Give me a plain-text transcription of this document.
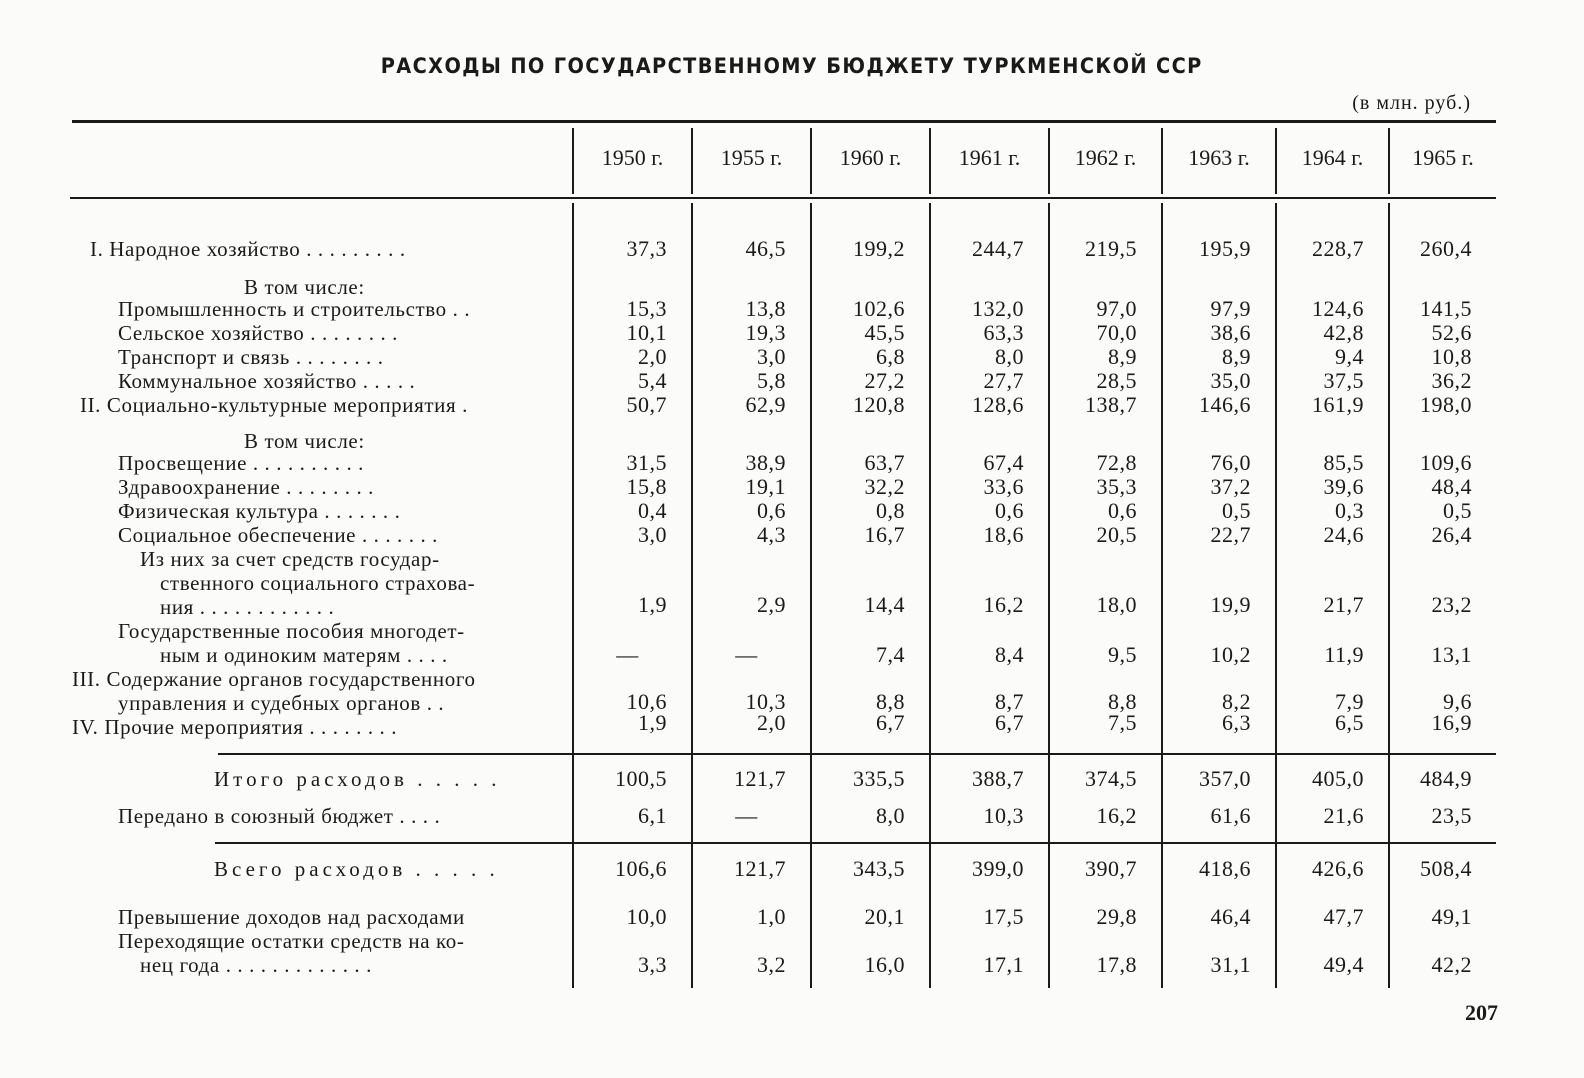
РАСХОДЫ ПО ГОСУДАРСТВЕННОМУ БЮДЖЕТУ ТУРКМЕНСКОЙ ССР
(в млн. руб.)
1950 г.	1955 г.	1960 г.	1961 г.	1962 г.	1963 г.	1964 г.	1965 г.
I. Народное хозяйство . . . . . . . . .	37,3	46,5	199,2	244,7	219,5	195,9	228,7	260,4
В том числе:
Промышленность и строительство . .	15,3	13,8	102,6	132,0	97,0	97,9	124,6	141,5
Сельское хозяйство . . . . . . . .	10,1	19,3	45,5	63,3	70,0	38,6	42,8	52,6
Транспорт и связь . . . . . . . .	2,0	3,0	6,8	8,0	8,9	8,9	9,4	10,8
Коммунальное хозяйство . . . . .	5,4	5,8	27,2	27,7	28,5	35,0	37,5	36,2
II. Социально-культурные мероприятия .	50,7	62,9	120,8	128,6	138,7	146,6	161,9	198,0
В том числе:
Просвещение . . . . . . . . . .	31,5	38,9	63,7	67,4	72,8	76,0	85,5	109,6
Здравоохранение . . . . . . . .	15,8	19,1	32,2	33,6	35,3	37,2	39,6	48,4
Физическая культура . . . . . . .	0,4	0,6	0,8	0,6	0,6	0,5	0,3	0,5
Социальное обеспечение . . . . . . .	3,0	4,3	16,7	18,6	20,5	22,7	24,6	26,4
Из них за счет средств государ-
ственного социального страхова-
ния . . . . . . . . . . . .	1,9	2,9	14,4	16,2	18,0	19,9	21,7	23,2
Государственные пособия многодет-
ным и одиноким матерям . . . .	—	—	7,4	8,4	9,5	10,2	11,9	13,1
III. Содержание органов государственного
управления и судебных органов . .	10,6	10,3	8,8	8,7	8,8	8,2	7,9	9,6
IV. Прочие мероприятия . . . . . . . .	1,9	2,0	6,7	6,7	7,5	6,3	6,5	16,9
Итого расходов . . . . .	100,5	121,7	335,5	388,7	374,5	357,0	405,0	484,9
Передано в союзный бюджет . . . .	6,1	—	8,0	10,3	16,2	61,6	21,6	23,5
Всего расходов . . . . .	106,6	121,7	343,5	399,0	390,7	418,6	426,6	508,4
Превышение доходов над расходами	10,0	1,0	20,1	17,5	29,8	46,4	47,7	49,1
Переходящие остатки средств на ко-
нец года . . . . . . . . . . . . .	3,3	3,2	16,0	17,1	17,8	31,1	49,4	42,2
207
